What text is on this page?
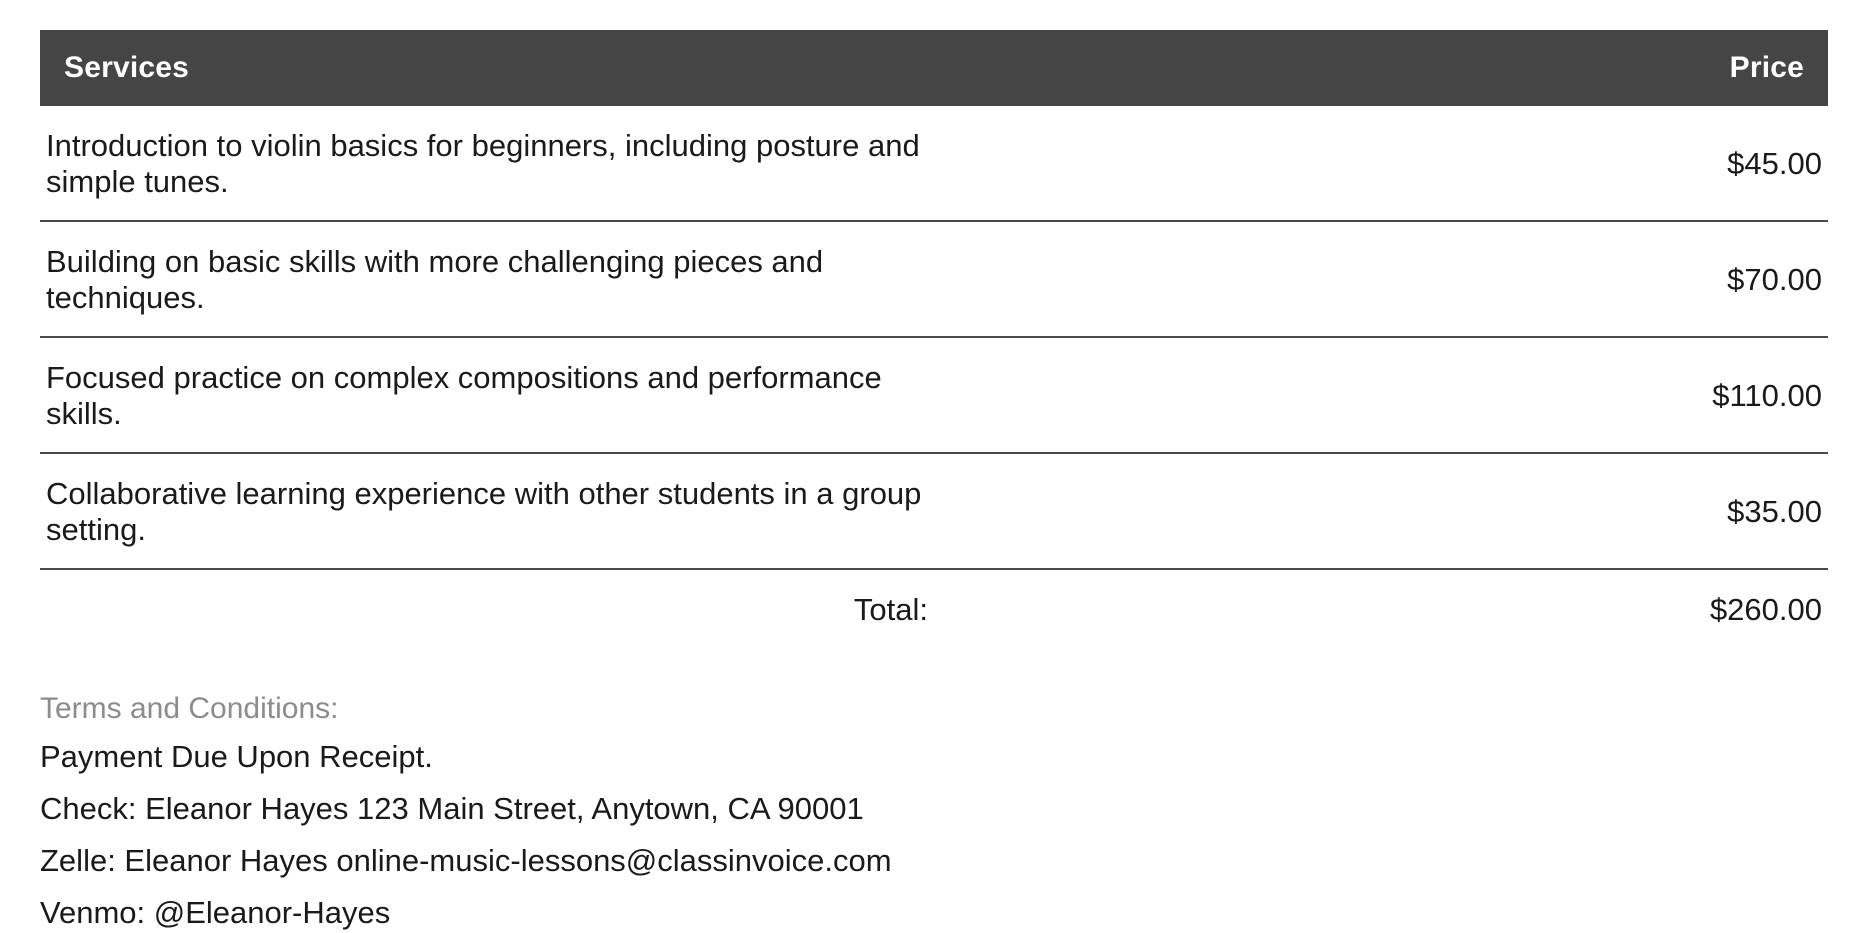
Services	Price
Introduction to violin basics for beginners, including posture and simple tunes.	$45.00
Building on basic skills with more challenging pieces and techniques.	$70.00
Focused practice on complex compositions and performance skills.	$110.00
Collaborative learning experience with other students in a group setting.	$35.00
Total:	$260.00

Terms and Conditions:

Payment Due Upon Receipt.

Check: Eleanor Hayes 123 Main Street, Anytown, CA 90001

Zelle: Eleanor Hayes online-music-lessons@classinvoice.com

Venmo: @Eleanor-Hayes
